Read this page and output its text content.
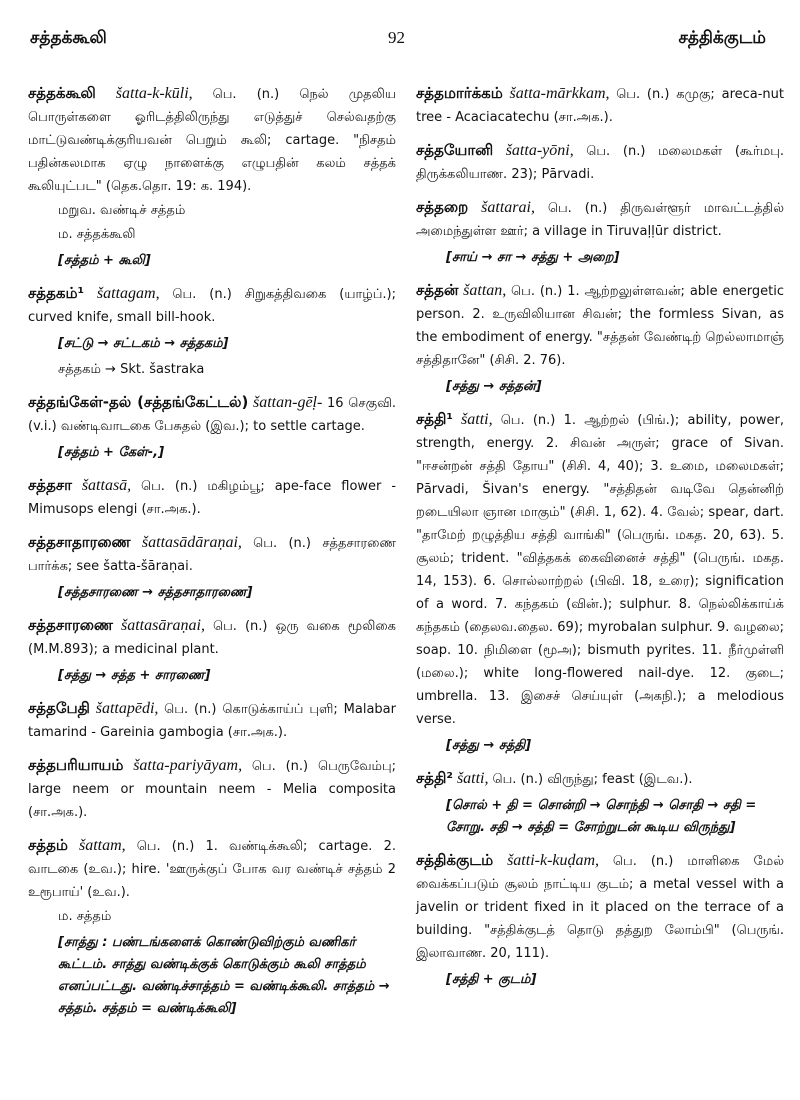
சத்தக்கூலி	92	சத்திக்குடம்

சத்தக்கூலி šatta-k-kūli, பெ. (n.) நெல் முதலிய பொருள்களை ஓரிடத்திலிருந்து எடுத்துச் செல்வதற்கு மாட்டுவண்டிக்குரியவன் பெறும் கூலி; cartage. "நிசதம் பதின்கலமாக ஏழு நாளைக்கு எழுபதின் கலம் சத்தக் கூலியுட்பட" (தெக.தொ. 19: க. 194).

மறுவ. வண்டிச் சத்தம்
ம. சத்தக்கூலி
[சத்தம் + கூலி]

சத்தகம்¹ šattagam, பெ. (n.) சிறுகத்திவகை (யாழ்ப்.); curved knife, small bill-hook.

[சட்டு → சட்டகம் → சத்தகம்]
சத்தகம் → Skt. šastraka

சத்தங்கேள்-தல் (சத்தங்கேட்டல்) šattan-gēḷ- 16 செகுவி. (v.i.) வண்டிவாடகை பேசுதல் (இவ.); to settle cartage.

[சத்தம் + கேள்-,]

சத்தசா šattasā, பெ. (n.) மகிழம்பூ; ape-face flower - Mimusops elengi (சா.அக.).

சத்தசாதாரணை šattasādāraṇai, பெ. (n.) சத்தசாரணை பார்க்க; see šatta-šāraṇai.

[சத்தசாரணை → சத்தசாதாரணை]

சத்தசாரணை šattasāraṇai, பெ. (n.) ஒரு வகை மூலிகை (M.M.893); a medicinal plant.

[சத்து → சத்த + சாரணை]

சத்தபேதி šattapēdi, பெ. (n.) கொடுக்காய்ப் புளி; Malabar tamarind - Gareinia gambogia (சா.அக.).

சத்தபரியாயம் šatta-pariyāyam, பெ. (n.) பெருவேம்பு; large neem or mountain neem - Melia composita (சா.அக.).

சத்தம் šattam, பெ. (n.) 1. வண்டிக்கூலி; cartage. 2. வாடகை (உவ.); hire. 'ஊருக்குப் போக வர வண்டிச் சத்தம் 2 உரூபாய்' (உவ.).

ம. சத்தம்
[சாத்து : பண்டங்களைக் கொண்டுவிற்கும் வணிகர் கூட்டம். சாத்து வண்டிக்குக் கொடுக்கும் கூலி சாத்தம் எனப்பட்டது. வண்டிச்சாத்தம் = வண்டிக்கூலி. சாத்தம் → சத்தம். சத்தம் = வண்டிக்கூலி]

சத்தமார்க்கம் šatta-mārkkam, பெ. (n.) கமுகு; areca-nut tree - Acaciacatechu (சா.அக.).

சத்தயோனி šatta-yōni, பெ. (n.) மலைமகள் (கூர்மபு. திருக்கலியாண. 23); Pārvadi.

சத்தறை šattarai, பெ. (n.) திருவள்ளூர் மாவட்டத்தில் அமைந்துள்ள ஊர்; a village in Tiruvaḷḷūr district.

[சாய் → சா → சத்து + அறை]

சத்தன் šattan, பெ. (n.) 1. ஆற்றலுள்ளவன்; able energetic person. 2. உருவிலியான சிவன்; the formless Sivan, as the embodiment of energy. "சத்தன் வேண்டிற் றெல்லாமாஞ் சத்திதானே" (சிசி. 2. 76).

[சத்து → சத்தன்]

சத்தி¹ šatti, பெ. (n.) 1. ஆற்றல் (பிங்.); ability, power, strength, energy. 2. சிவன் அருள்; grace of Sivan. "ஈசன்றன் சத்தி தோய" (சிசி. 4, 40); 3. உமை, மலைமகள்; Pārvadi, Šivan's energy. "சத்திதன் வடிவே தென்னிற் றடையிலா ஞான மாகும்" (சிசி. 1, 62). 4. வேல்; spear, dart. "தாமேற் றழுத்திய சத்தி வாங்கி" (பெருங். மகத. 20, 63). 5. சூலம்; trident. "வித்தகக் கைவினைச் சத்தி" (பெருங். மகத. 14, 153). 6. சொல்லாற்றல் (பிவி. 18, உரை); signification of a word. 7. கந்தகம் (வின்.); sulphur. 8. நெல்லிக்காய்க் கந்தகம் (தைலவ.தைல. 69); myrobalan sulphur. 9. வழலை; soap. 10. நிமிளை (மூஅ); bismuth pyrites. 11. நீர்முள்ளி (மலை.); white long-flowered nail-dye. 12. குடை; umbrella. 13. இசைச் செய்யுள் (அகநி.); a melodious verse.

[சத்து → சத்தி]

சத்தி² šatti, பெ. (n.) விருந்து; feast (இடவ.).

[சொல் + தி = சொன்றி → சொந்தி → சொதி → சதி = சோறு. சதி → சத்தி = சோற்றுடன் கூடிய விருந்து]

சத்திக்குடம் šatti-k-kuḍam, பெ. (n.) மாளிகை மேல் வைக்கப்படும் சூலம் நாட்டிய குடம்; a metal vessel with a javelin or trident fixed in it placed on the terrace of a building. "சத்திக்குடத் தொடு தத்துற லோம்பி" (பெருங். இலாவாண. 20, 111).

[சத்தி + குடம்]
